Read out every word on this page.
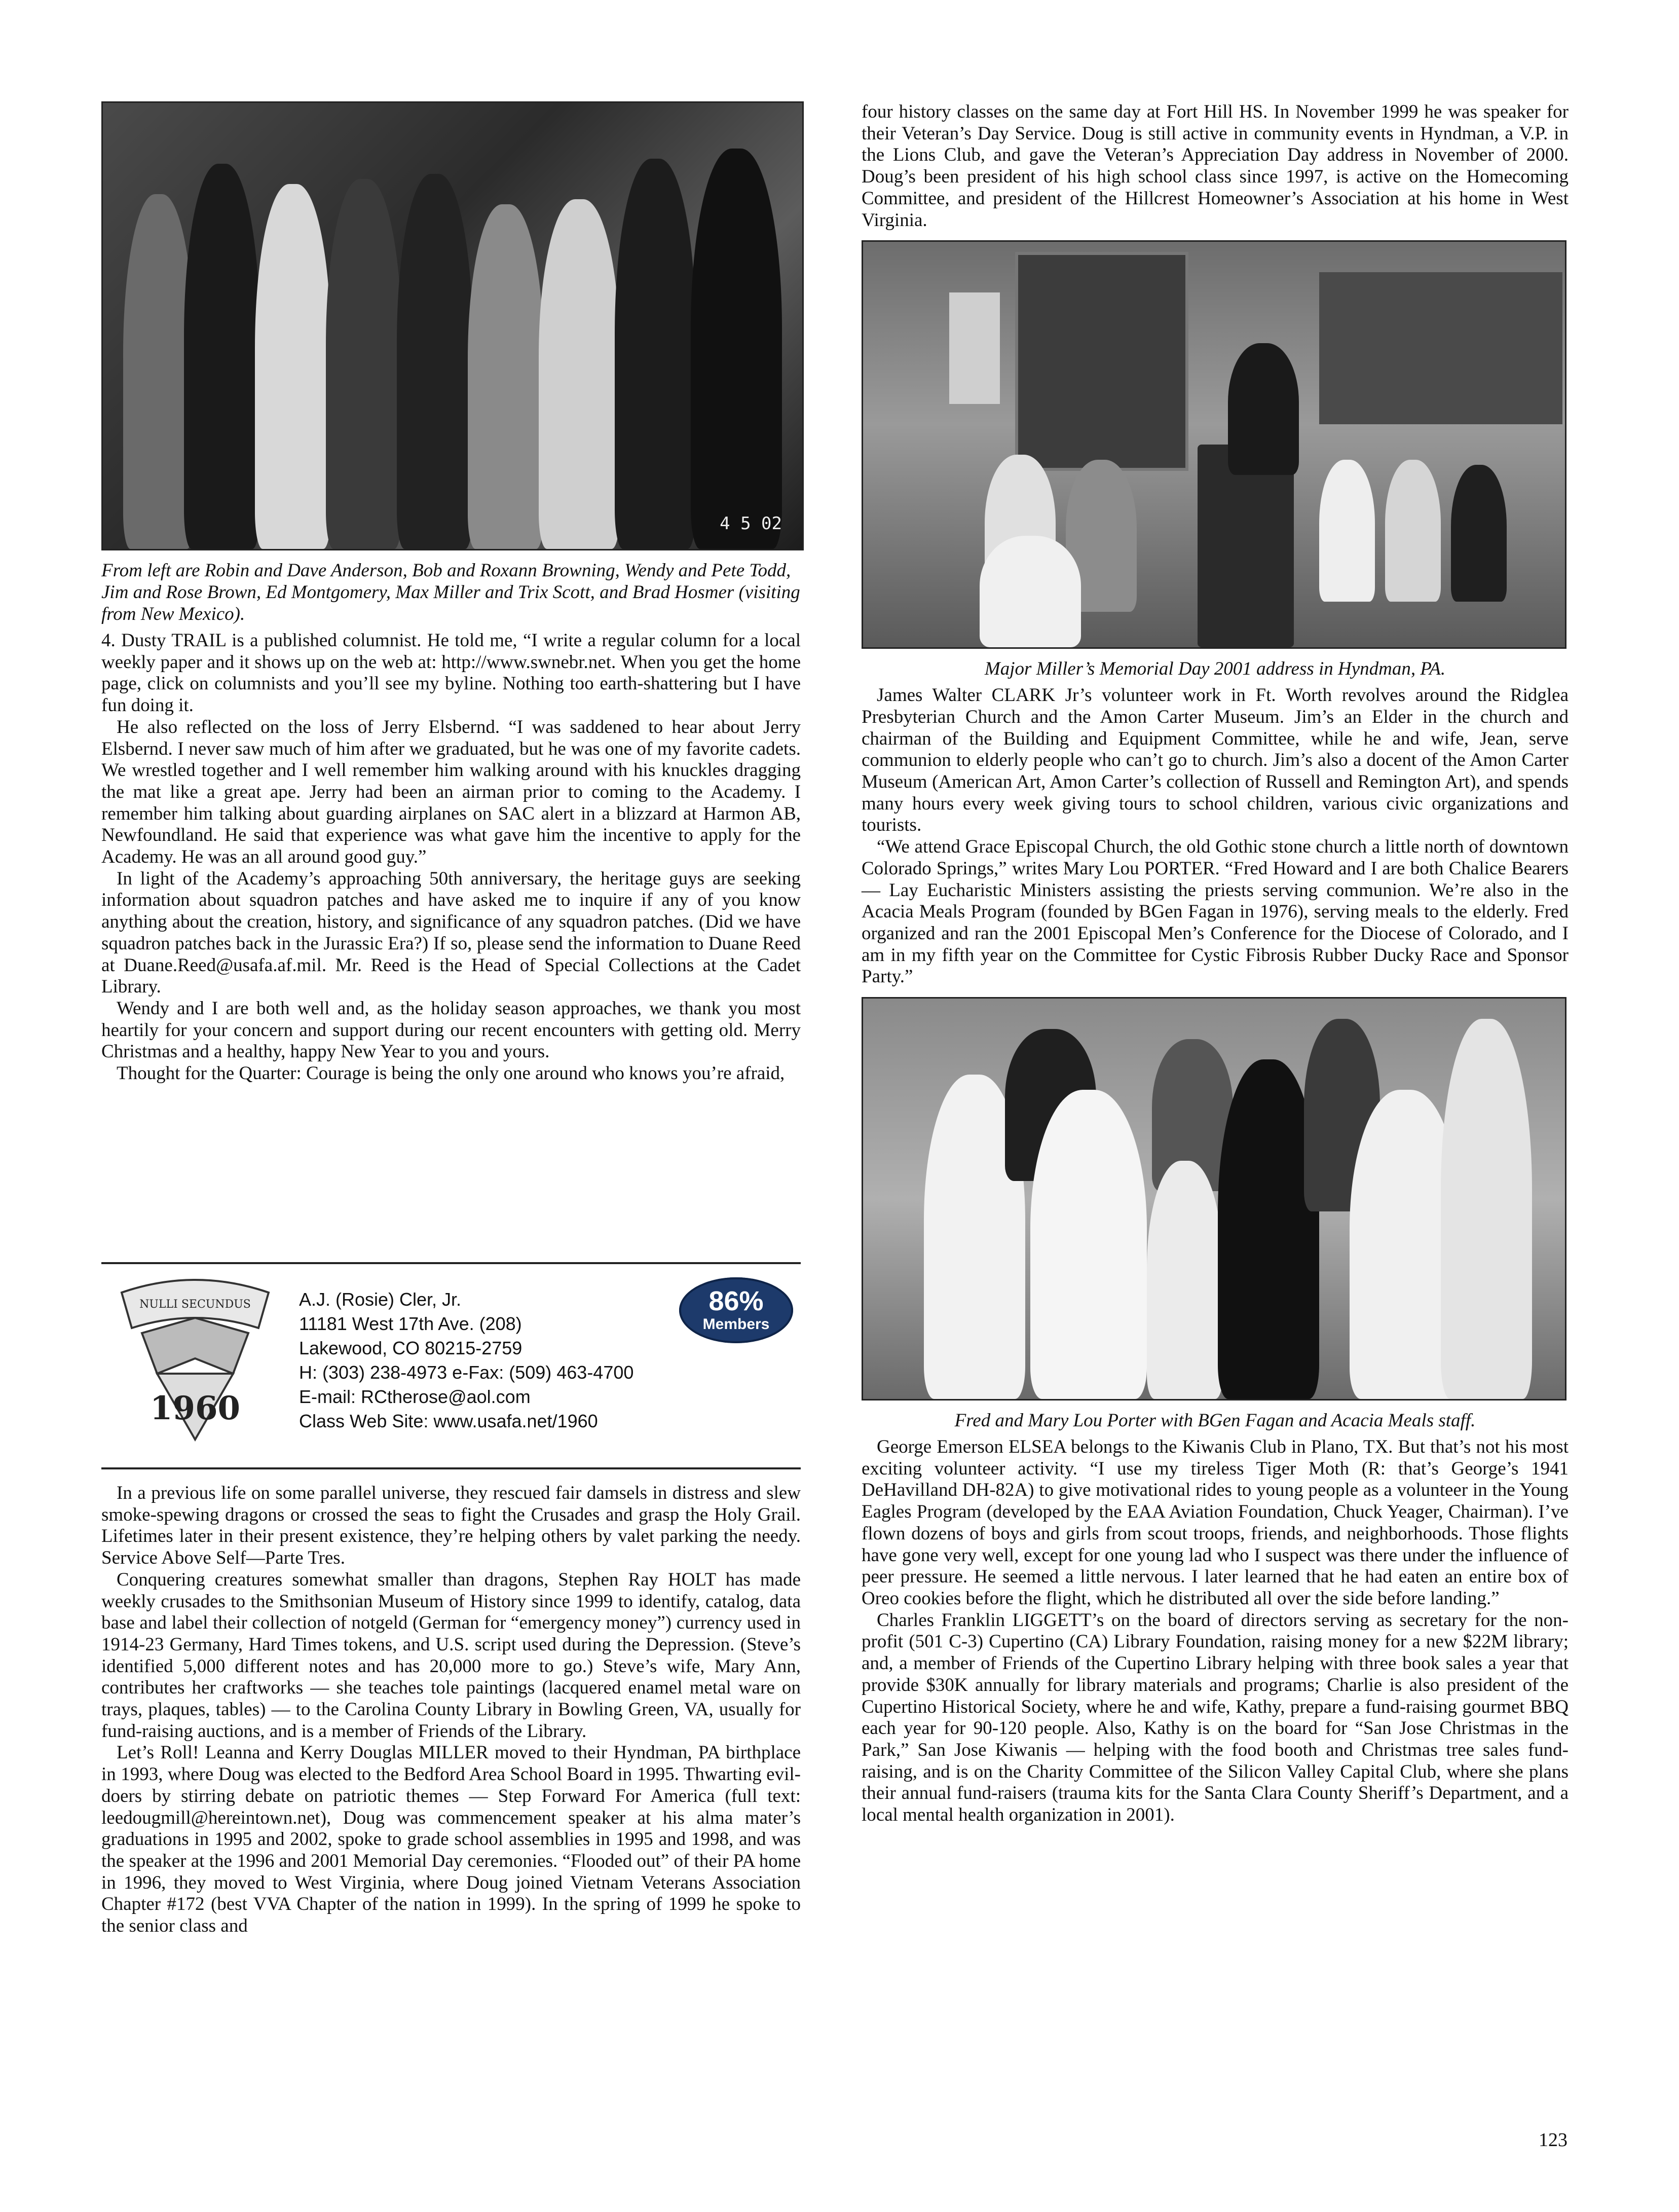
4 5 02
From left are Robin and Dave Anderson, Bob and Roxann Browning, Wendy and Pete Todd, Jim and Rose Brown, Ed Montgomery, Max Miller and Trix Scott, and Brad Hosmer (visiting from New Mexico).

4. Dusty TRAIL is a published columnist. He told me, “I write a regular column for a local weekly paper and it shows up on the web at: http://www.swnebr.net. When you get the home page, click on columnists and you’ll see my byline. Nothing too earth-shattering but I have fun doing it.

He also reflected on the loss of Jerry Elsbernd. “I was saddened to hear about Jerry Elsbernd. I never saw much of him after we graduated, but he was one of my favorite cadets. We wrestled together and I well remember him walking around with his knuckles dragging the mat like a great ape. Jerry had been an airman prior to coming to the Academy. I remember him talking about guarding airplanes on SAC alert in a blizzard at Harmon AB, Newfoundland. He said that experience was what gave him the incentive to apply for the Academy. He was an all around good guy.”

In light of the Academy’s approaching 50th anniversary, the heritage guys are seeking information about squadron patches and have asked me to inquire if any of you know anything about the creation, history, and significance of any squadron patches. (Did we have squadron patches back in the Jurassic Era?) If so, please send the information to Duane Reed at Duane.Reed@usafa.af.mil. Mr. Reed is the Head of Special Collections at the Cadet Library.

Wendy and I are both well and, as the holiday season approaches, we thank you most heartily for your concern and support during our recent encounters with getting old. Merry Christmas and a healthy, happy New Year to you and yours.

Thought for the Quarter: Courage is being the only one around who knows you’re afraid,

NULLI SECUNDUS
1960
A.J. (Rosie) Cler, Jr.
11181 West 17th Ave. (208)
Lakewood, CO 80215-2759
H: (303) 238-4973 e-Fax: (509) 463-4700
E-mail: RCtherose@aol.com
Class Web Site: www.usafa.net/1960
86%
Members

In a previous life on some parallel universe, they rescued fair damsels in distress and slew smoke-spewing dragons or crossed the seas to fight the Crusades and grasp the Holy Grail. Lifetimes later in their present existence, they’re helping others by valet parking the needy. Service Above Self—Parte Tres.

Conquering creatures somewhat smaller than dragons, Stephen Ray HOLT has made weekly crusades to the Smithsonian Museum of History since 1999 to identify, catalog, data base and label their collection of notgeld (German for “emergency money”) currency used in 1914-23 Germany, Hard Times tokens, and U.S. script used during the Depression. (Steve’s identified 5,000 different notes and has 20,000 more to go.) Steve’s wife, Mary Ann, contributes her craftworks — she teaches tole paintings (lacquered enamel metal ware on trays, plaques, tables) — to the Carolina County Library in Bowling Green, VA, usually for fund-raising auctions, and is a member of Friends of the Library.

Let’s Roll! Leanna and Kerry Douglas MILLER moved to their Hyndman, PA birthplace in 1993, where Doug was elected to the Bedford Area School Board in 1995. Thwarting evil-doers by stirring debate on patriotic themes — Step Forward For America (full text: leedougmill@hereintown.net), Doug was commencement speaker at his alma mater’s graduations in 1995 and 2002, spoke to grade school assemblies in 1995 and 1998, and was the speaker at the 1996 and 2001 Memorial Day ceremonies. “Flooded out” of their PA home in 1996, they moved to West Virginia, where Doug joined Vietnam Veterans Association Chapter #172 (best VVA Chapter of the nation in 1999). In the spring of 1999 he spoke to the senior class and

four history classes on the same day at Fort Hill HS. In November 1999 he was speaker for their Veteran’s Day Service. Doug is still active in community events in Hyndman, a V.P. in the Lions Club, and gave the Veteran’s Appreciation Day address in November of 2000. Doug’s been president of his high school class since 1997, is active on the Homecoming Committee, and president of the Hillcrest Homeowner’s Association at his home in West Virginia.

Major Miller’s Memorial Day 2001 address in Hyndman, PA.

James Walter CLARK Jr’s volunteer work in Ft. Worth revolves around the Ridglea Presbyterian Church and the Amon Carter Museum. Jim’s an Elder in the church and chairman of the Building and Equipment Committee, while he and wife, Jean, serve communion to elderly people who can’t go to church. Jim’s also a docent of the Amon Carter Museum (American Art, Amon Carter’s collection of Russell and Remington Art), and spends many hours every week giving tours to school children, various civic organizations and tourists.

“We attend Grace Episcopal Church, the old Gothic stone church a little north of downtown Colorado Springs,” writes Mary Lou PORTER. “Fred Howard and I are both Chalice Bearers — Lay Eucharistic Ministers assisting the priests serving communion. We’re also in the Acacia Meals Program (founded by BGen Fagan in 1976), serving meals to the elderly. Fred organized and ran the 2001 Episcopal Men’s Conference for the Diocese of Colorado, and I am in my fifth year on the Committee for Cystic Fibrosis Rubber Ducky Race and Sponsor Party.”

Fred and Mary Lou Porter with BGen Fagan and Acacia Meals staff.

George Emerson ELSEA belongs to the Kiwanis Club in Plano, TX. But that’s not his most exciting volunteer activity. “I use my tireless Tiger Moth (R: that’s George’s 1941 DeHavilland DH-82A) to give motivational rides to young people as a volunteer in the Young Eagles Program (developed by the EAA Aviation Foundation, Chuck Yeager, Chairman). I’ve flown dozens of boys and girls from scout troops, friends, and neighborhoods. Those flights have gone very well, except for one young lad who I suspect was there under the influence of peer pressure. He seemed a little nervous. I later learned that he had eaten an entire box of Oreo cookies before the flight, which he distributed all over the side before landing.”

Charles Franklin LIGGETT’s on the board of directors serving as secretary for the non-profit (501 C-3) Cupertino (CA) Library Foundation, raising money for a new $22M library; and, a member of Friends of the Cupertino Library helping with three book sales a year that provide $30K annually for library materials and programs; Charlie is also president of the Cupertino Historical Society, where he and wife, Kathy, prepare a fund-raising gourmet BBQ each year for 90-120 people. Also, Kathy is on the board for “San Jose Christmas in the Park,” San Jose Kiwanis — helping with the food booth and Christmas tree sales fund-raising, and is on the Charity Committee of the Silicon Valley Capital Club, where she plans their annual fund-raisers (trauma kits for the Santa Clara County Sheriff’s Department, and a local mental health organization in 2001).

123
